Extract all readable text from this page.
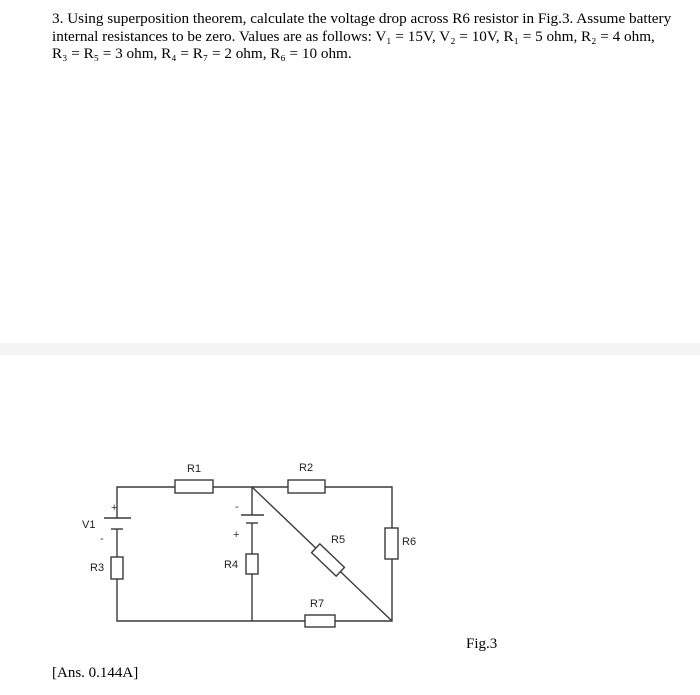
3. Using superposition theorem, calculate the voltage drop across R6 resistor in Fig.3. Assume battery internal resistances to be zero. Values are as follows: V₁ = 15V, V₂ = 10V, R₁ = 5 ohm, R₂ = 4 ohm, R₃ = R₅ = 3 ohm, R₄ = R₇ = 2 ohm, R₆ = 10 ohm.

R1	R2
R3	R4
R5	R6
R7
V1
+
-
-
+

Fig.3

[Ans. 0.144A]
